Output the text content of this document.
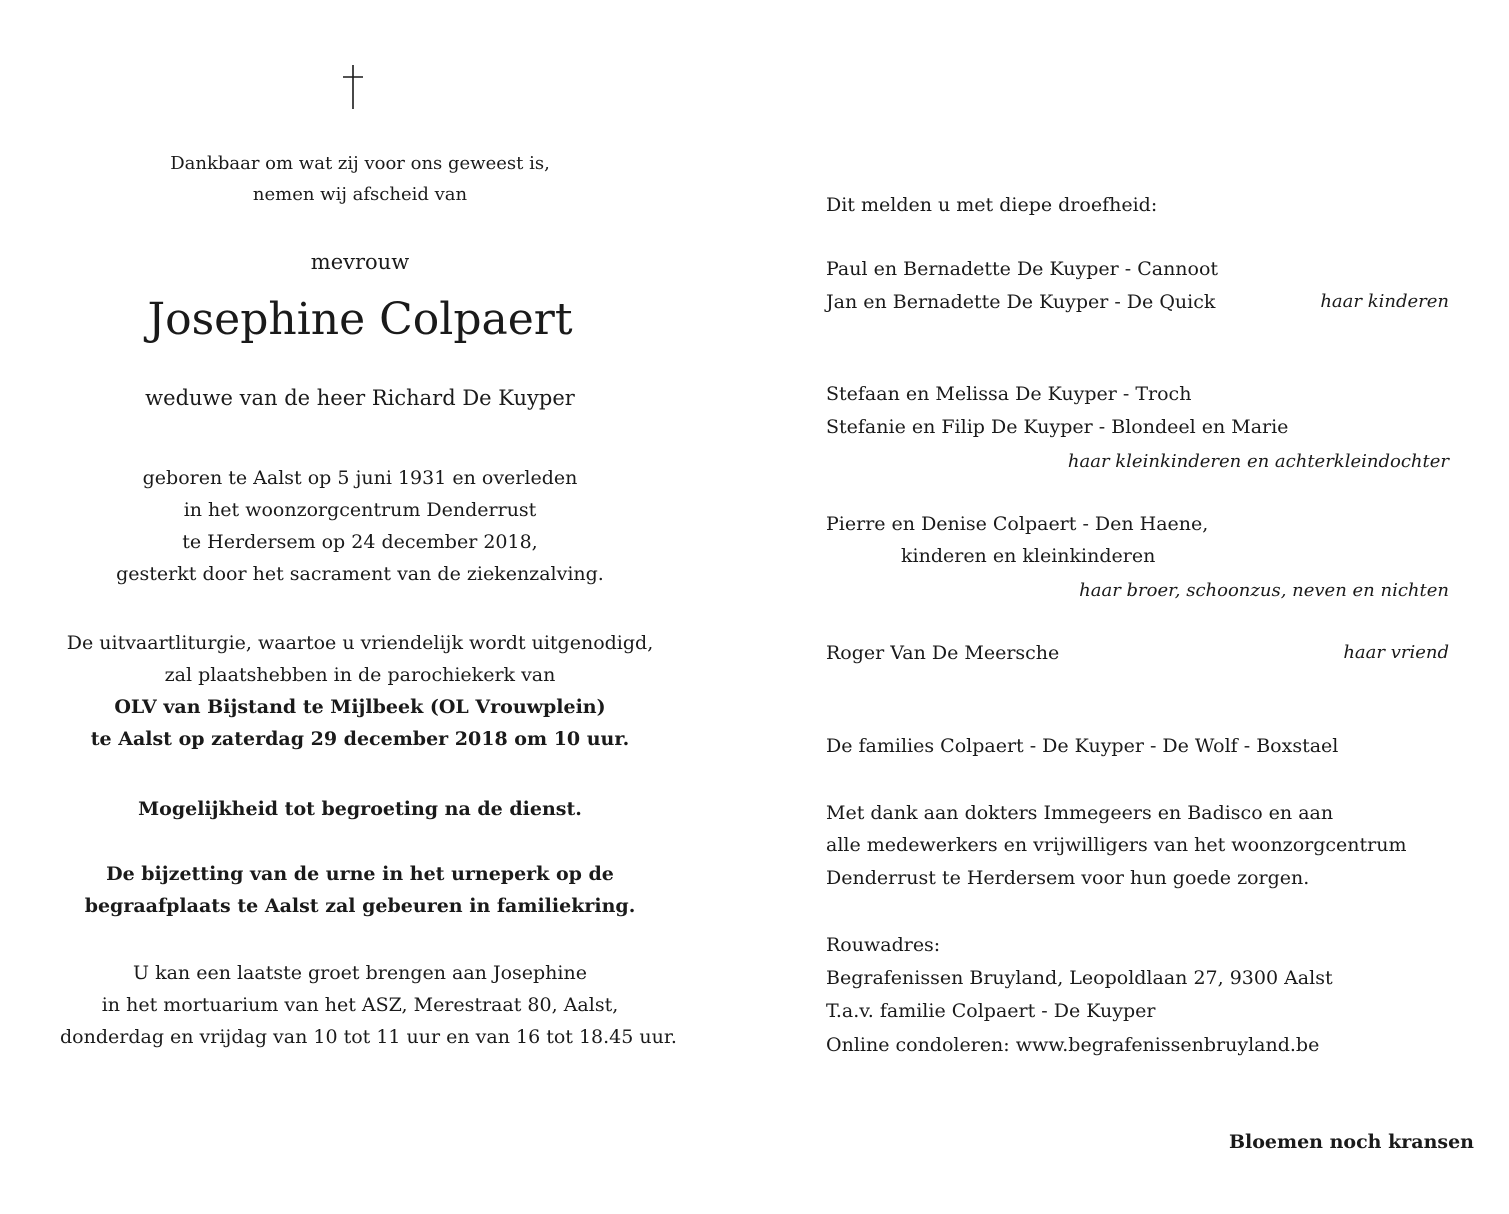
Dankbaar om wat zij voor ons geweest is,
nemen wij afscheid van
mevrouw
Josephine Colpaert
weduwe van de heer Richard De Kuyper
geboren te Aalst op 5 juni 1931 en overleden
in het woonzorgcentrum Denderrust
te Herdersem op 24 december 2018,
gesterkt door het sacrament van de ziekenzalving.
De uitvaartliturgie, waartoe u vriendelijk wordt uitgenodigd,
zal plaatshebben in de parochiekerk van
OLV van Bijstand te Mijlbeek (OL Vrouwplein)
te Aalst op zaterdag 29 december 2018 om 10 uur.
Mogelijkheid tot begroeting na de dienst.
De bijzetting van de urne in het urneperk op de
begraafplaats te Aalst zal gebeuren in familiekring.
U kan een laatste groet brengen aan Josephine
in het mortuarium van het ASZ, Merestraat 80, Aalst,
donderdag en vrijdag van 10 tot 11 uur en van 16 tot 18.45 uur.
Dit melden u met diepe droefheid:
Paul en Bernadette De Kuyper - Cannoot
Jan en Bernadette De Kuyper - De Quick	haar kinderen
Stefaan en Melissa De Kuyper - Troch
Stefanie en Filip De Kuyper - Blondeel en Marie
haar kleinkinderen en achterkleindochter
Pierre en Denise Colpaert - Den Haene,
kinderen en kleinkinderen
haar broer, schoonzus, neven en nichten
Roger Van De Meersche	haar vriend
De families Colpaert - De Kuyper - De Wolf - Boxstael
Met dank aan dokters Immegeers en Badisco en aan
alle medewerkers en vrijwilligers van het woonzorgcentrum
Denderrust te Herdersem voor hun goede zorgen.
Rouwadres:
Begrafenissen Bruyland, Leopoldlaan 27, 9300 Aalst
T.a.v. familie Colpaert - De Kuyper
Online condoleren: www.begrafenissenbruyland.be
Bloemen noch kransen
